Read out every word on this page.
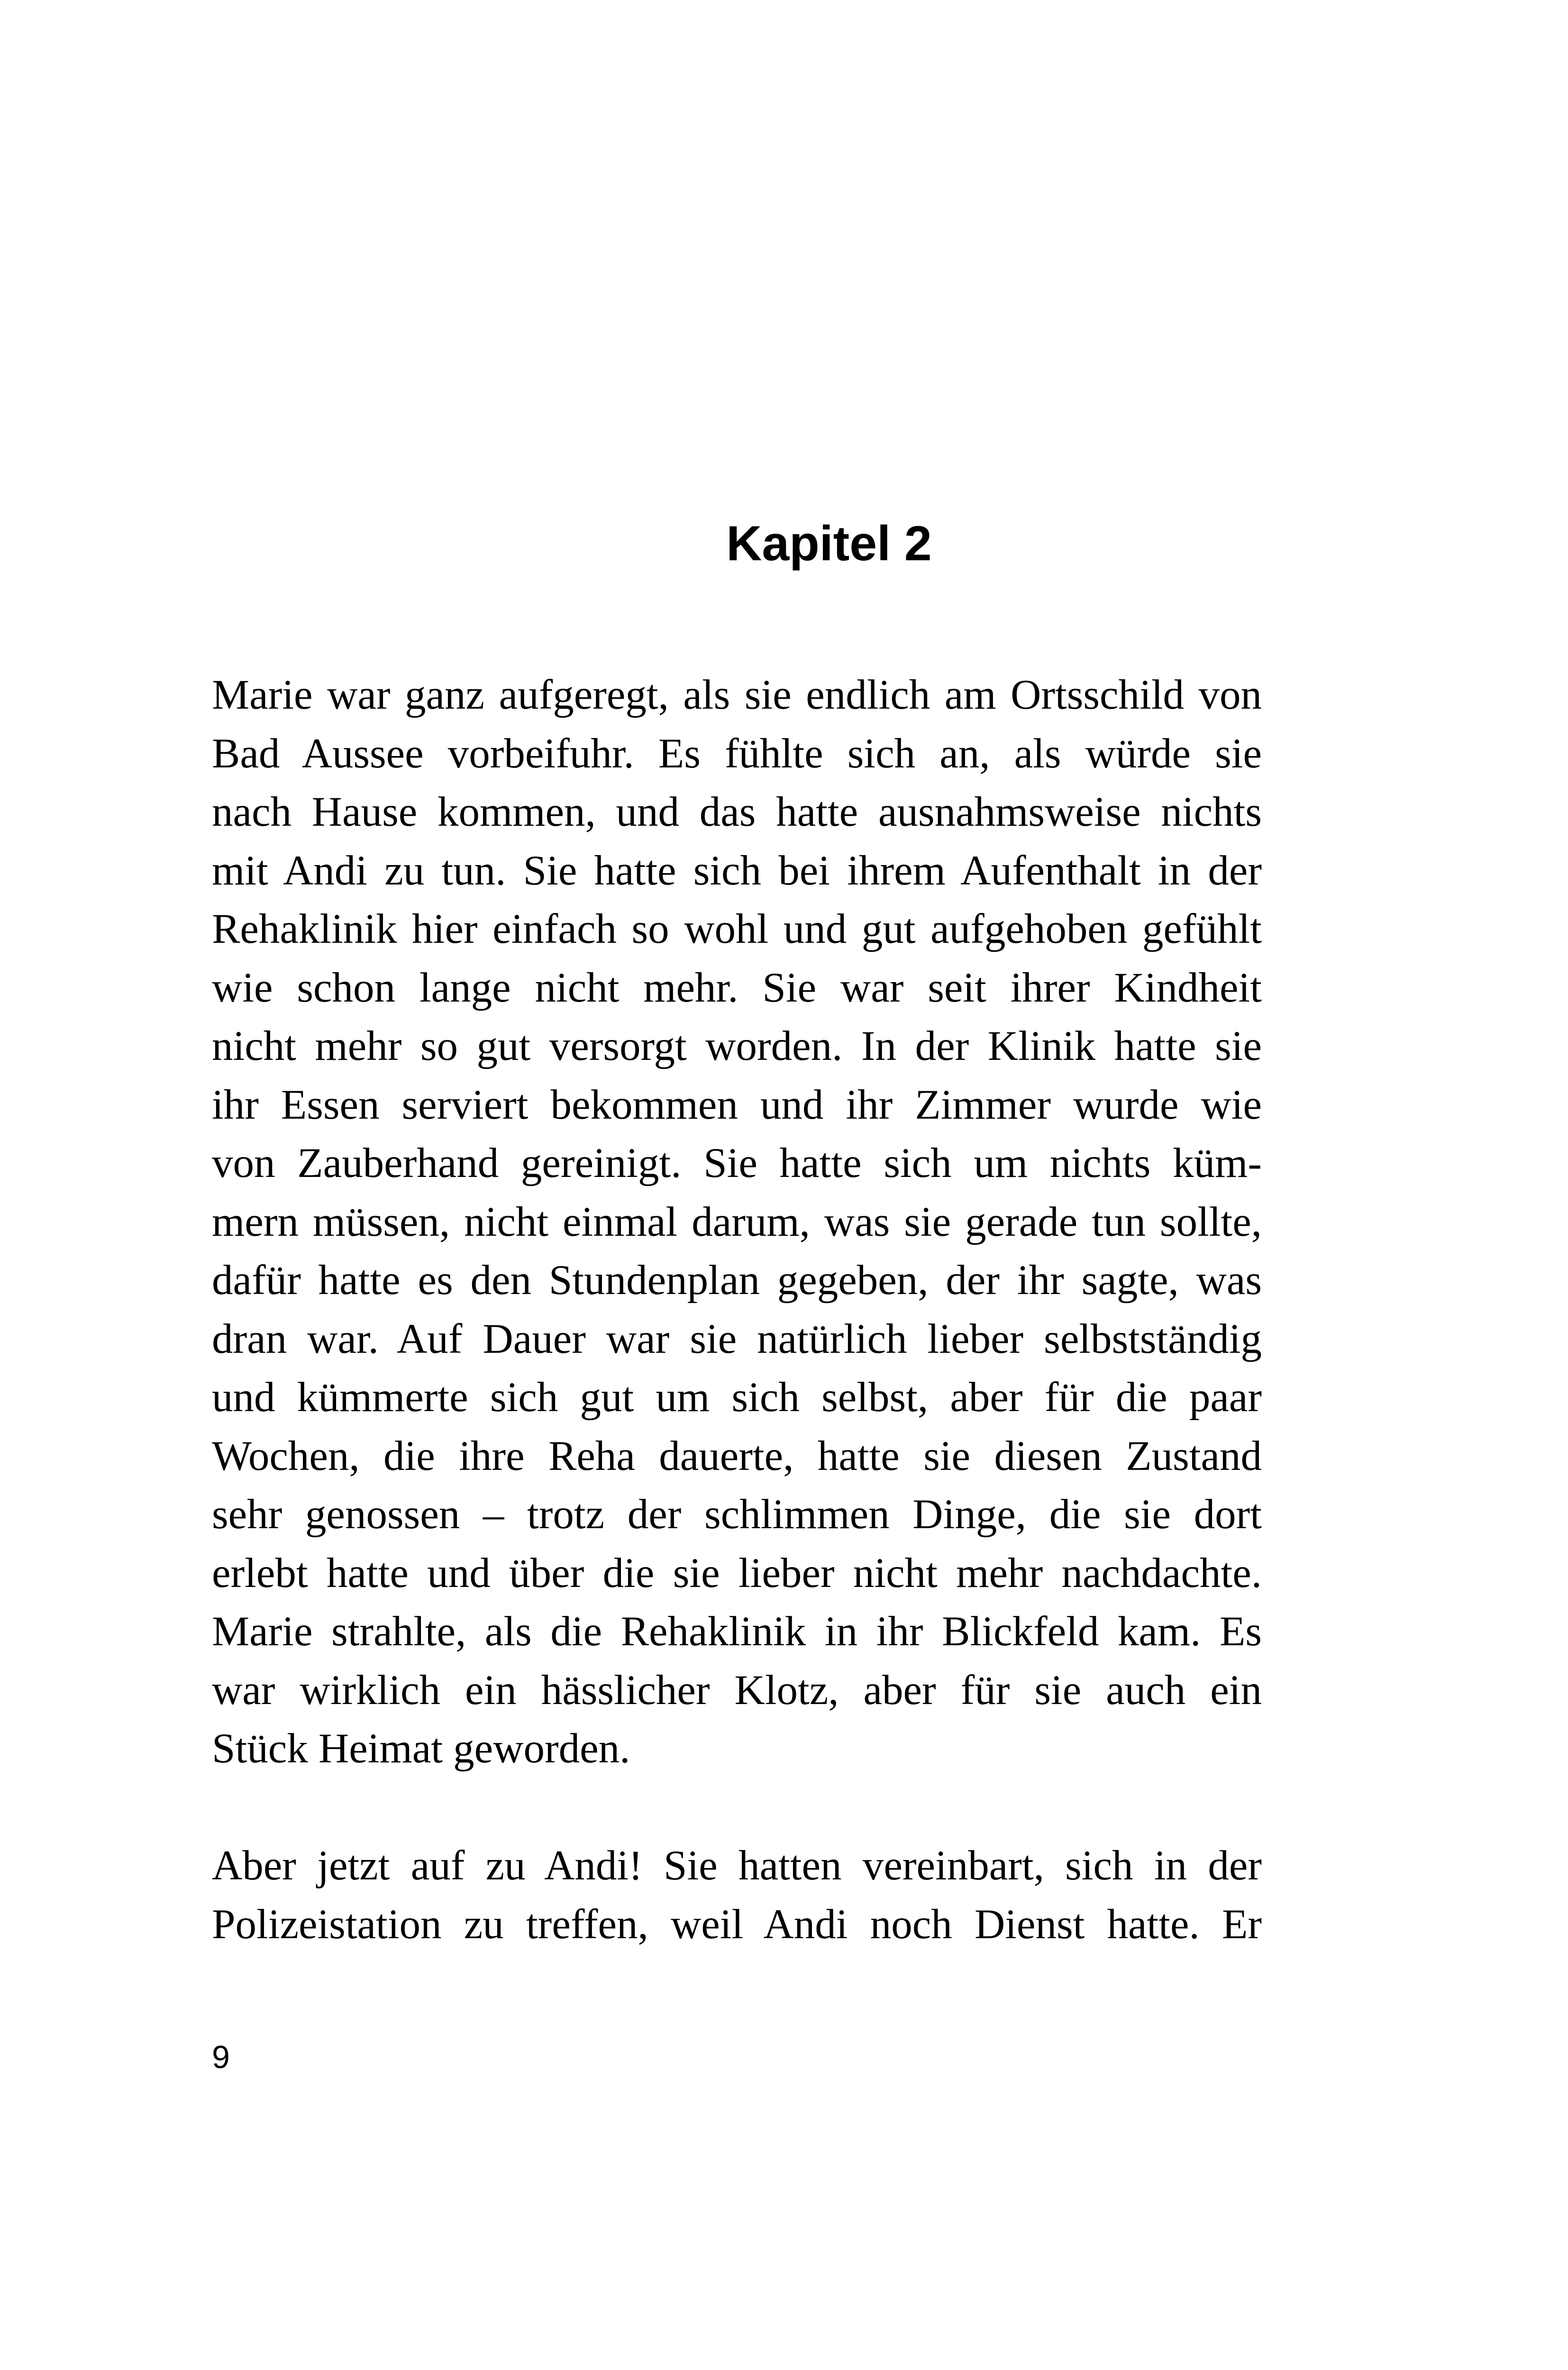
Kapitel 2

Marie war ganz aufgeregt, als sie endlich am Ortsschild von
Bad Aussee vorbeifuhr. Es fühlte sich an, als würde sie
nach Hause kommen, und das hatte ausnahmsweise nichts
mit Andi zu tun. Sie hatte sich bei ihrem Aufenthalt in der
Rehaklinik hier einfach so wohl und gut aufgehoben gefühlt
wie schon lange nicht mehr. Sie war seit ihrer Kindheit
nicht mehr so gut versorgt worden. In der Klinik hatte sie
ihr Essen serviert bekommen und ihr Zimmer wurde wie
von Zauberhand gereinigt. Sie hatte sich um nichts küm-
mern müssen, nicht einmal darum, was sie gerade tun sollte,
dafür hatte es den Stundenplan gegeben, der ihr sagte, was
dran war. Auf Dauer war sie natürlich lieber selbstständig
und kümmerte sich gut um sich selbst, aber für die paar
Wochen, die ihre Reha dauerte, hatte sie diesen Zustand
sehr genossen – trotz der schlimmen Dinge, die sie dort
erlebt hatte und über die sie lieber nicht mehr nachdachte.
Marie strahlte, als die Rehaklinik in ihr Blickfeld kam. Es
war wirklich ein hässlicher Klotz, aber für sie auch ein
Stück Heimat geworden.

Aber jetzt auf zu Andi! Sie hatten vereinbart, sich in der
Polizeistation zu treffen, weil Andi noch Dienst hatte. Er

9
